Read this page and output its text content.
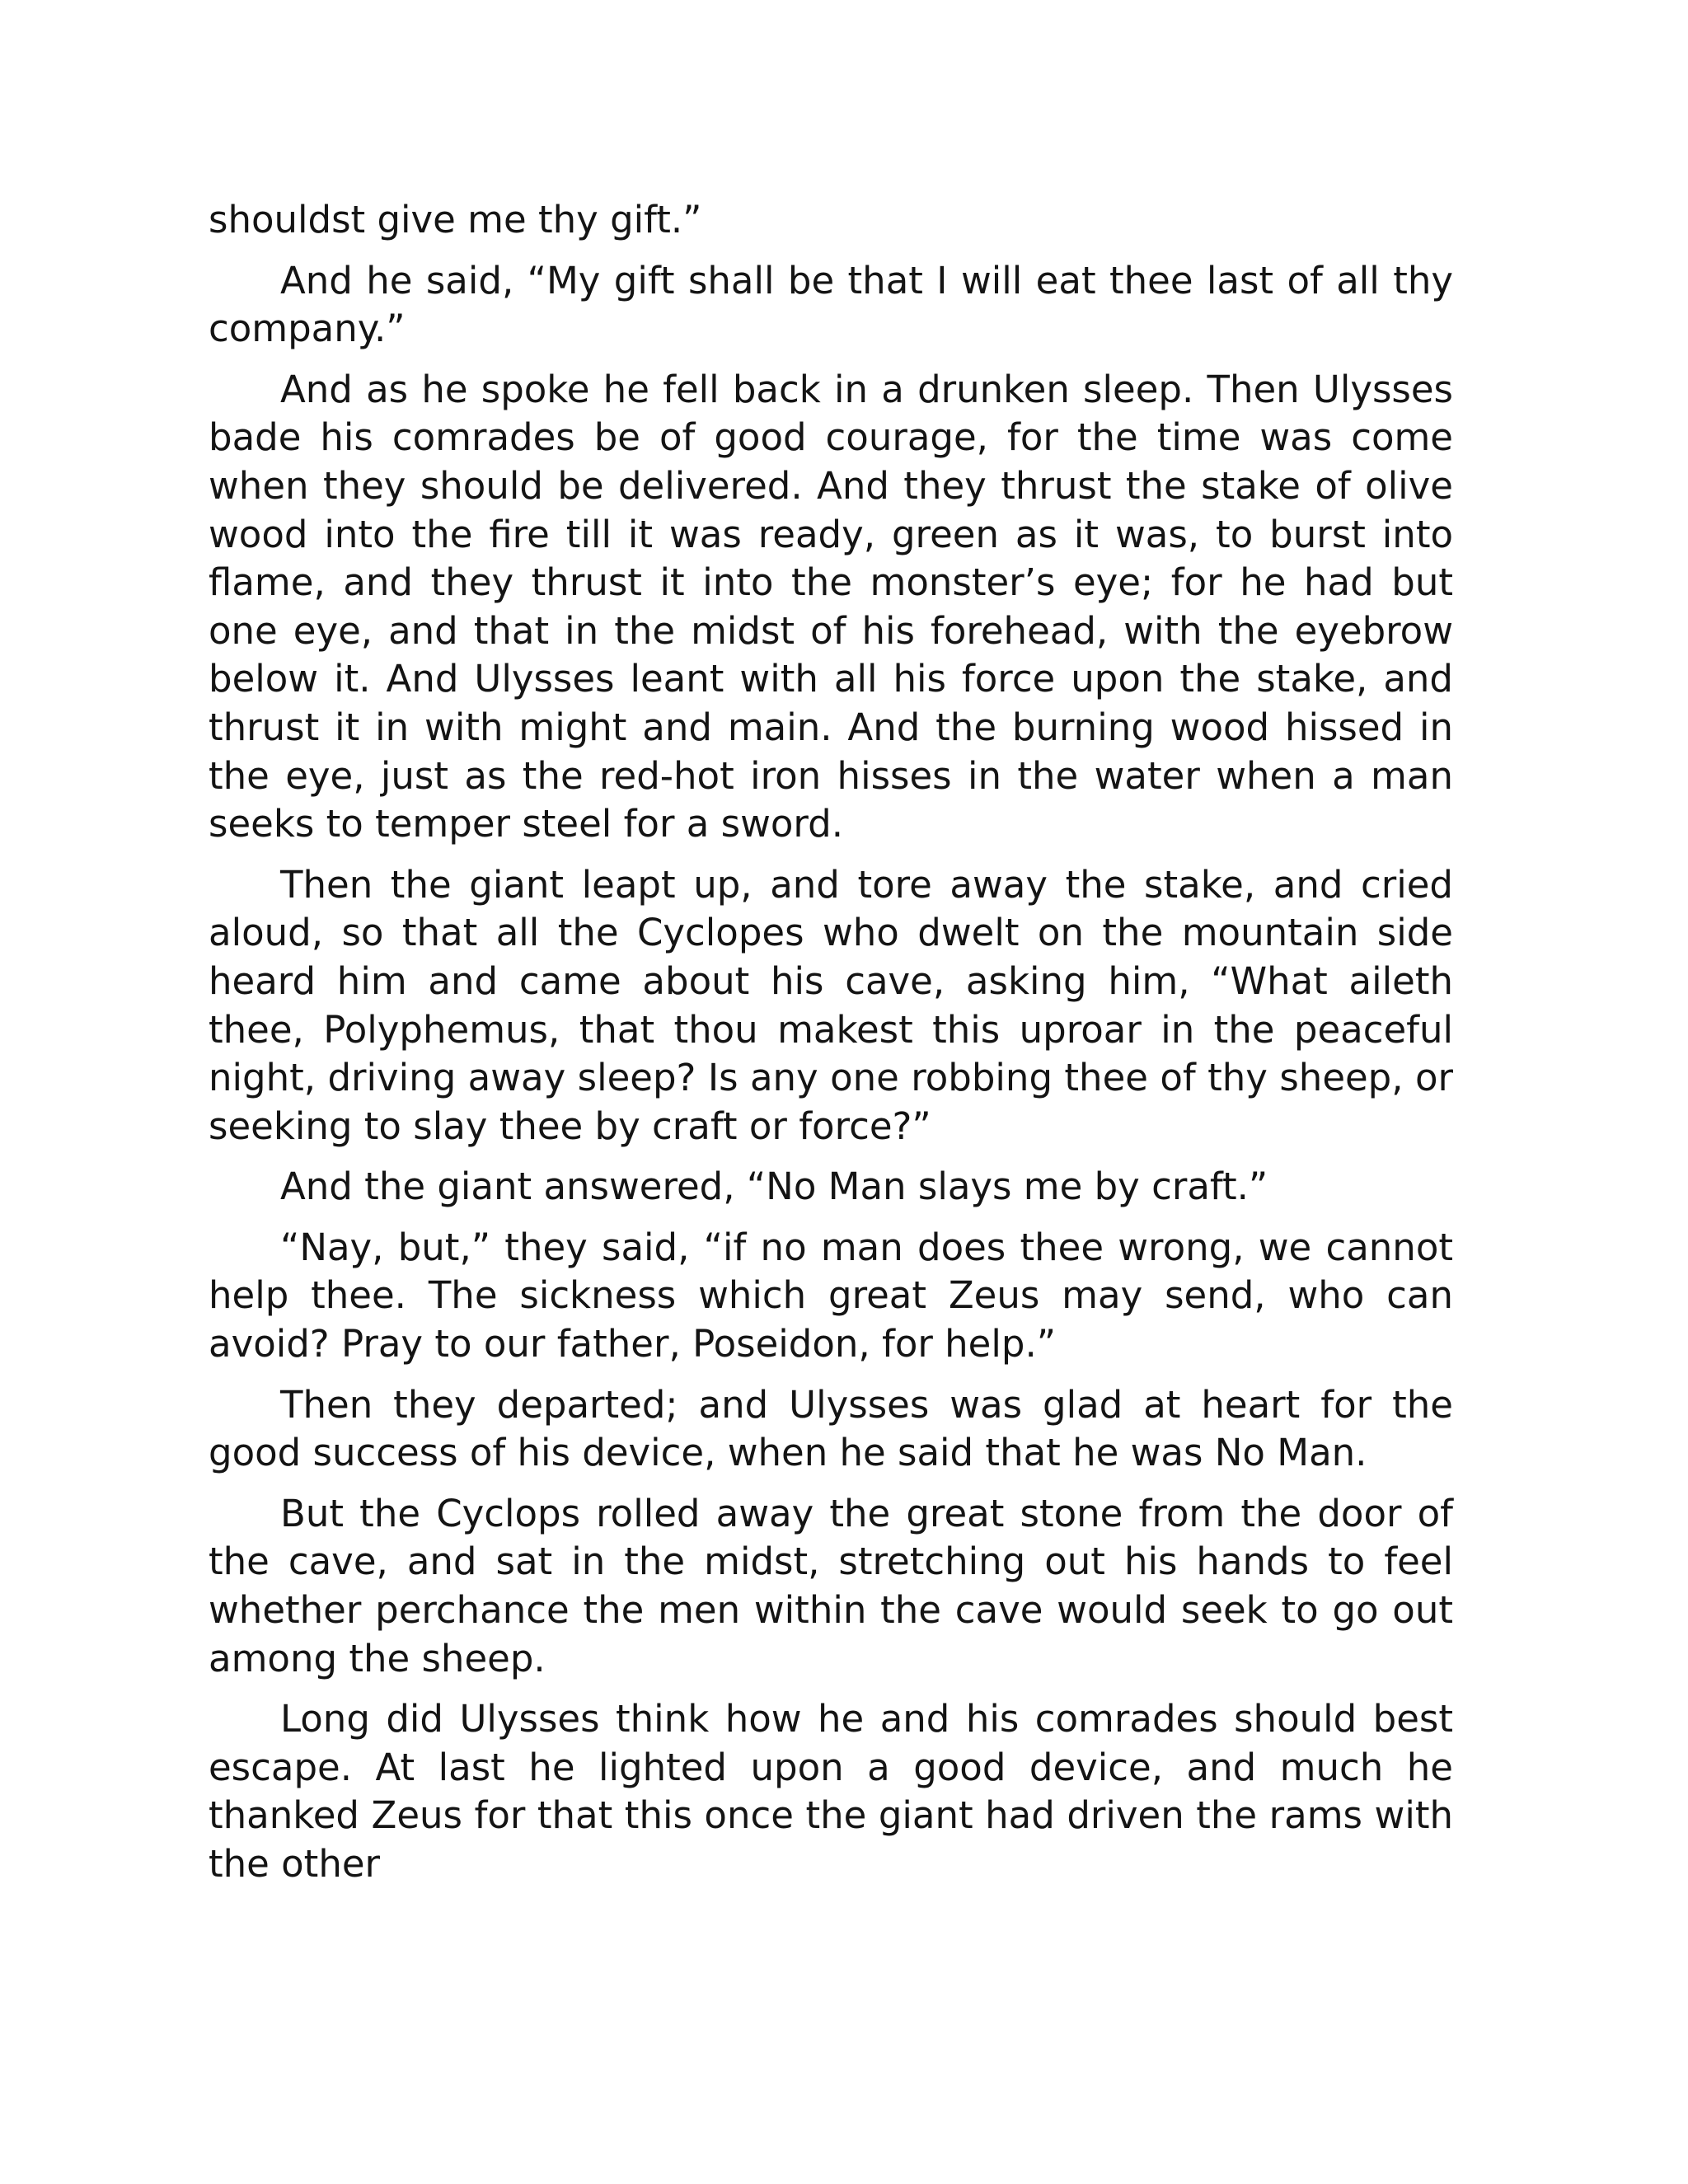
shouldst give me thy gift.”

And he said, “My gift shall be that I will eat thee last of all thy company.”

And as he spoke he fell back in a drunken sleep. Then Ulysses bade his comrades be of good courage, for the time was come when they should be delivered. And they thrust the stake of olive wood into the fire till it was ready, green as it was, to burst into flame, and they thrust it into the monster’s eye; for he had but one eye, and that in the midst of his forehead, with the eyebrow below it. And Ulysses leant with all his force upon the stake, and thrust it in with might and main. And the burning wood hissed in the eye, just as the red-hot iron hisses in the water when a man seeks to temper steel for a sword.

Then the giant leapt up, and tore away the stake, and cried aloud, so that all the Cyclopes who dwelt on the mountain side heard him and came about his cave, asking him, “What aileth thee, Polyphemus, that thou makest this uproar in the peaceful night, driving away sleep? Is any one robbing thee of thy sheep, or seeking to slay thee by craft or force?”

And the giant answered, “No Man slays me by craft.”

“Nay, but,” they said, “if no man does thee wrong, we cannot help thee. The sickness which great Zeus may send, who can avoid? Pray to our father, Poseidon, for help.”

Then they departed; and Ulysses was glad at heart for the good success of his device, when he said that he was No Man.

But the Cyclops rolled away the great stone from the door of the cave, and sat in the midst, stretching out his hands to feel whether perchance the men within the cave would seek to go out among the sheep.

Long did Ulysses think how he and his comrades should best escape. At last he lighted upon a good device, and much he thanked Zeus for that this once the giant had driven the rams with the other
